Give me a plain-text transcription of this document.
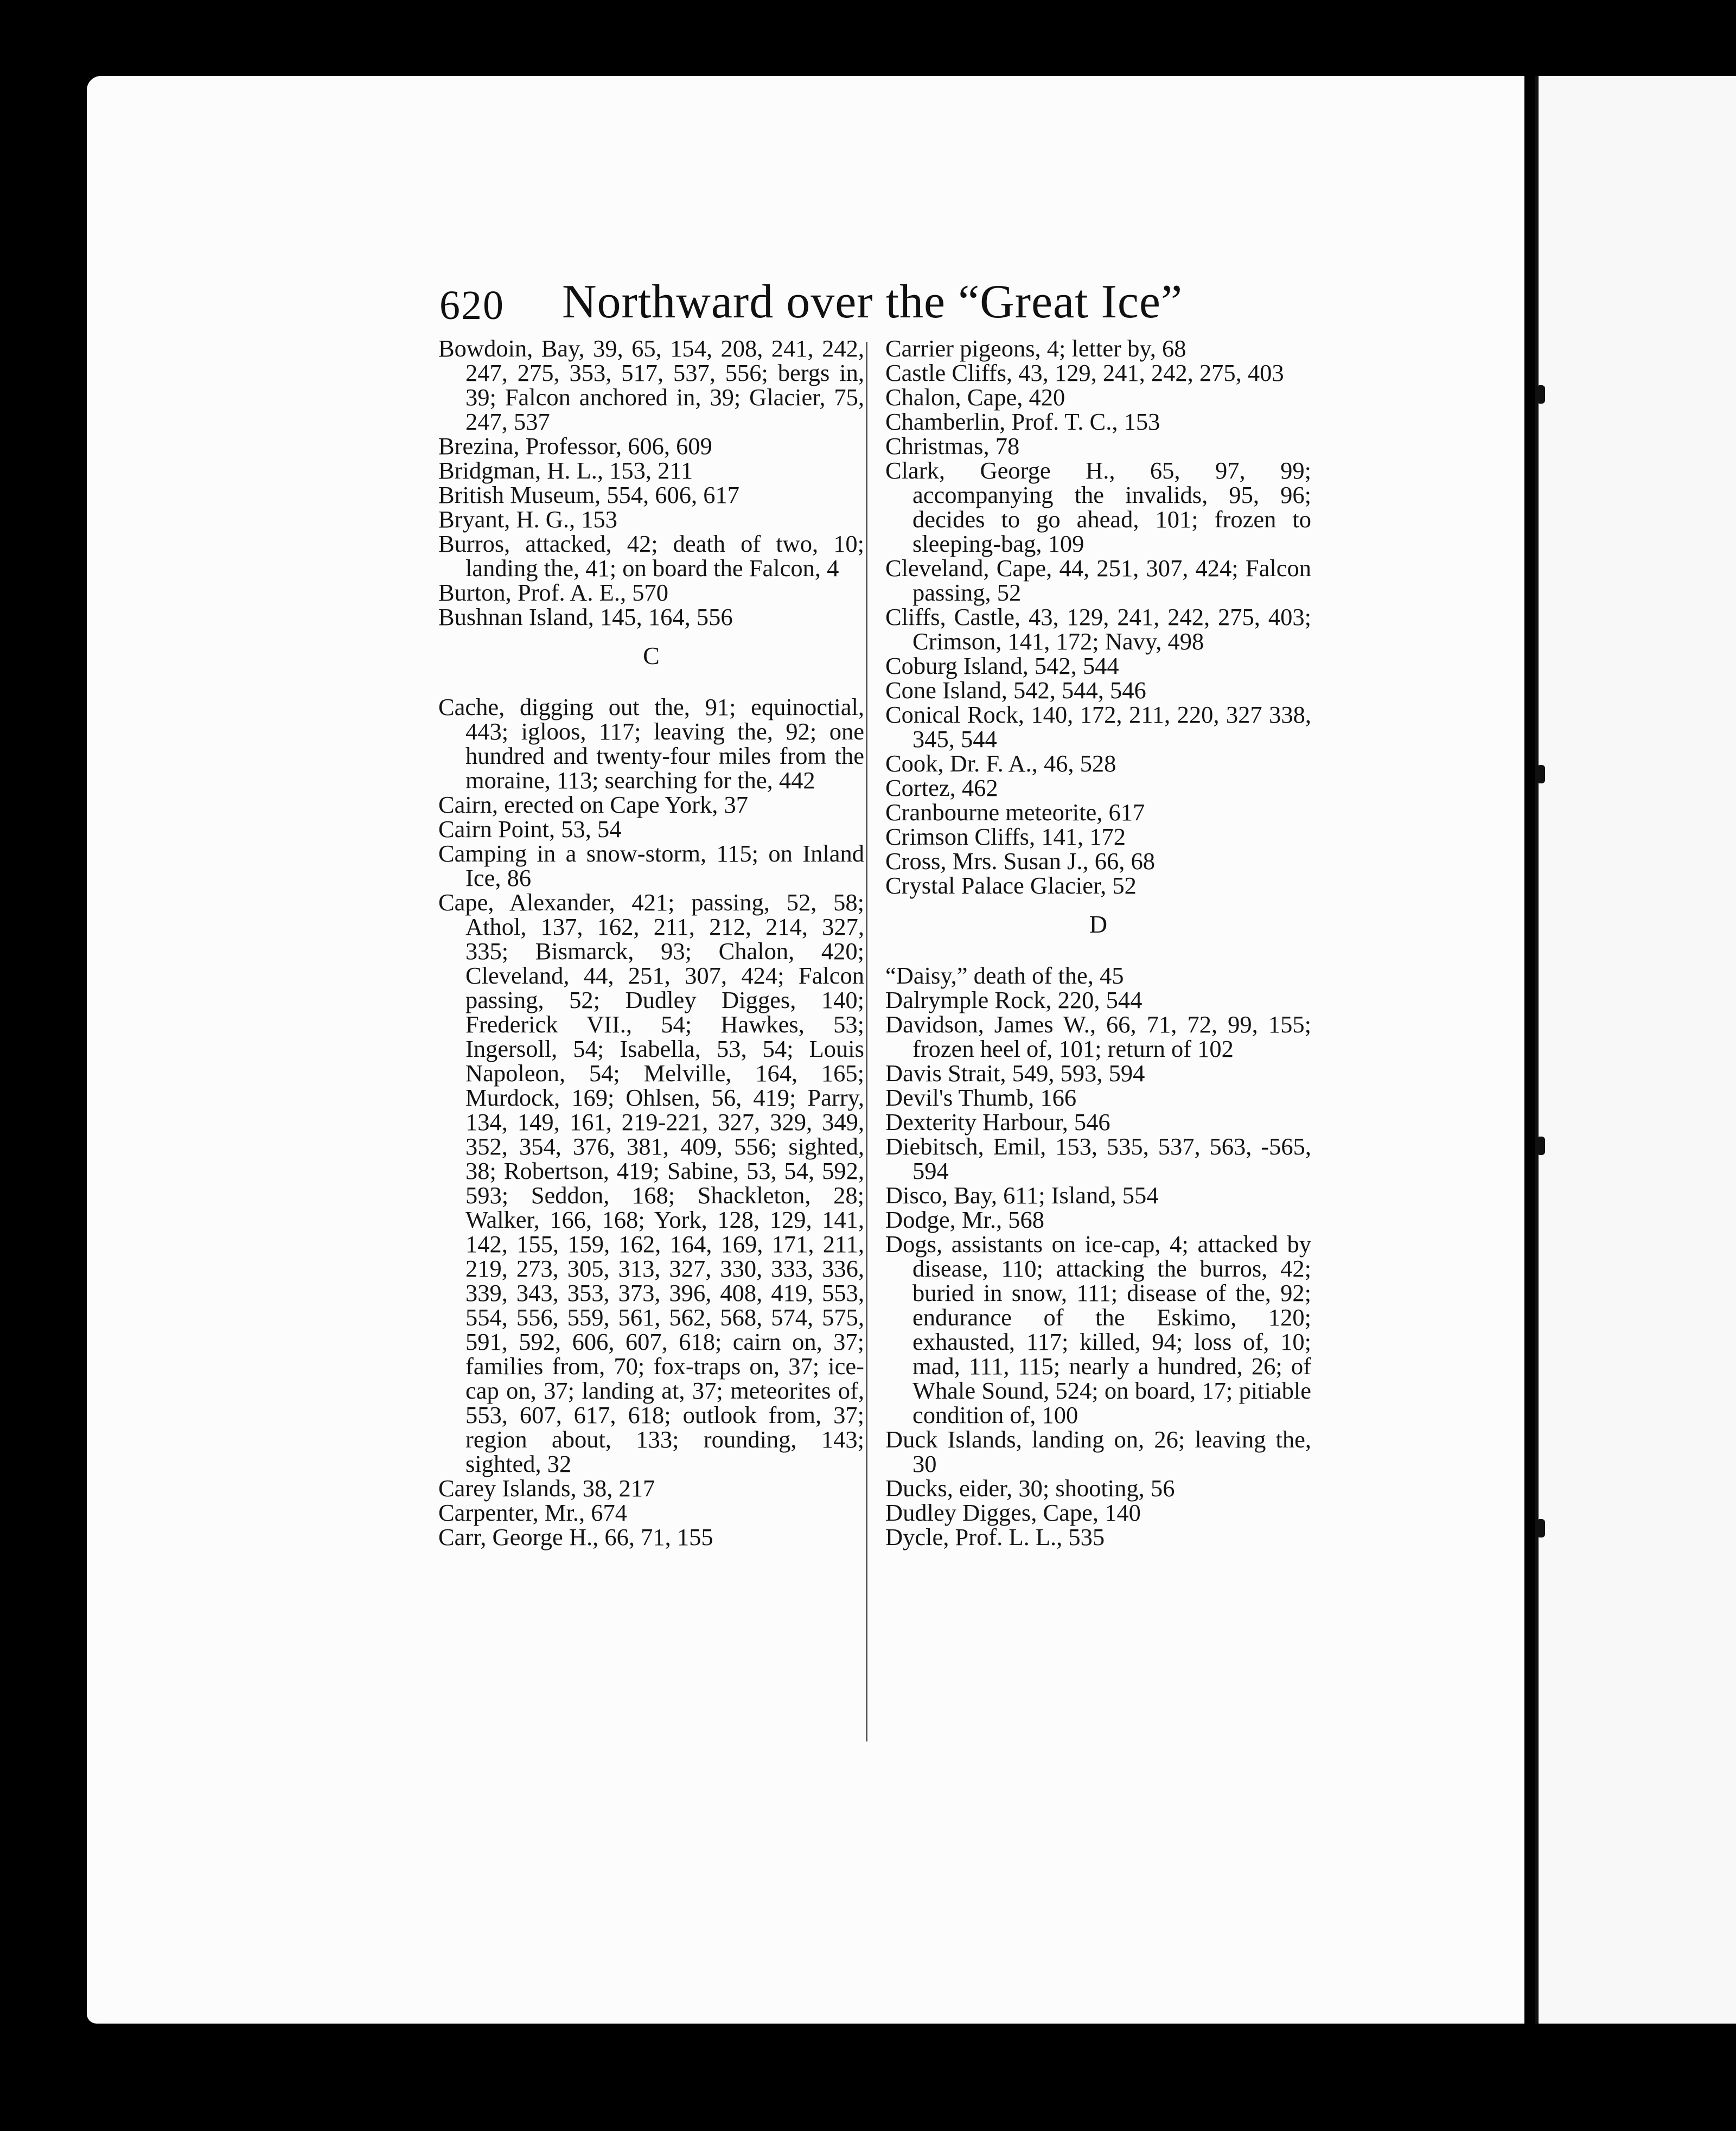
620 Northward over the “Great Ice”
Bowdoin, Bay, 39, 65, 154, 208, 241, 242, 247, 275, 353, 517, 537, 556; bergs in, 39; Falcon anchored in, 39; Glacier, 75, 247, 537
Brezina, Professor, 606, 609
Bridgman, H. L., 153, 211
British Museum, 554, 606, 617
Bryant, H. G., 153
Burros, attacked, 42; death of two, 10; landing the, 41; on board the Falcon, 4
Burton, Prof. A. E., 570
Bushnan Island, 145, 164, 556
C
Cache, digging out the, 91; equinoctial, 443; igloos, 117; leaving the, 92; one hundred and twenty-four miles from the moraine, 113; searching for the, 442
Cairn, erected on Cape York, 37
Cairn Point, 53, 54
Camping in a snow-storm, 115; on Inland Ice, 86
Cape, Alexander, 421; passing, 52, 58; Athol, 137, 162, 211, 212, 214, 327, 335; Bismarck, 93; Chalon, 420; Cleveland, 44, 251, 307, 424; Falcon passing, 52; Dudley Digges, 140; Frederick VII., 54; Hawkes, 53; Ingersoll, 54; Isabella, 53, 54; Louis Napoleon, 54; Melville, 164, 165; Murdock, 169; Ohlsen, 56, 419; Parry, 134, 149, 161, 219-221, 327, 329, 349, 352, 354, 376, 381, 409, 556; sighted, 38; Robertson, 419; Sabine, 53, 54, 592, 593; Seddon, 168; Shackleton, 28; Walker, 166, 168; York, 128, 129, 141, 142, 155, 159, 162, 164, 169, 171, 211, 219, 273, 305, 313, 327, 330, 333, 336, 339, 343, 353, 373, 396, 408, 419, 553, 554, 556, 559, 561, 562, 568, 574, 575, 591, 592, 606, 607, 618; cairn on, 37; families from, 70; fox-traps on, 37; ice-cap on, 37; landing at, 37; meteorites of, 553, 607, 617, 618; outlook from, 37; region about, 133; rounding, 143; sighted, 32
Carey Islands, 38, 217
Carpenter, Mr., 674
Carr, George H., 66, 71, 155
Carrier pigeons, 4; letter by, 68
Castle Cliffs, 43, 129, 241, 242, 275, 403
Chalon, Cape, 420
Chamberlin, Prof. T. C., 153
Christmas, 78
Clark, George H., 65, 97, 99; accompanying the invalids, 95, 96; decides to go ahead, 101; frozen to sleeping-bag, 109
Cleveland, Cape, 44, 251, 307, 424; Falcon passing, 52
Cliffs, Castle, 43, 129, 241, 242, 275, 403; Crimson, 141, 172; Navy, 498
Coburg Island, 542, 544
Cone Island, 542, 544, 546
Conical Rock, 140, 172, 211, 220, 327 338, 345, 544
Cook, Dr. F. A., 46, 528
Cortez, 462
Cranbourne meteorite, 617
Crimson Cliffs, 141, 172
Cross, Mrs. Susan J., 66, 68
Crystal Palace Glacier, 52
D
“Daisy,” death of the, 45
Dalrymple Rock, 220, 544
Davidson, James W., 66, 71, 72, 99, 155; frozen heel of, 101; return of 102
Davis Strait, 549, 593, 594
Devil's Thumb, 166
Dexterity Harbour, 546
Diebitsch, Emil, 153, 535, 537, 563, -565, 594
Disco, Bay, 611; Island, 554
Dodge, Mr., 568
Dogs, assistants on ice-cap, 4; attacked by disease, 110; attacking the burros, 42; buried in snow, 111; disease of the, 92; endurance of the Eskimo, 120; exhausted, 117; killed, 94; loss of, 10; mad, 111, 115; nearly a hundred, 26; of Whale Sound, 524; on board, 17; pitiable condition of, 100
Duck Islands, landing on, 26; leaving the, 30
Ducks, eider, 30; shooting, 56
Dudley Digges, Cape, 140
Dycle, Prof. L. L., 535
